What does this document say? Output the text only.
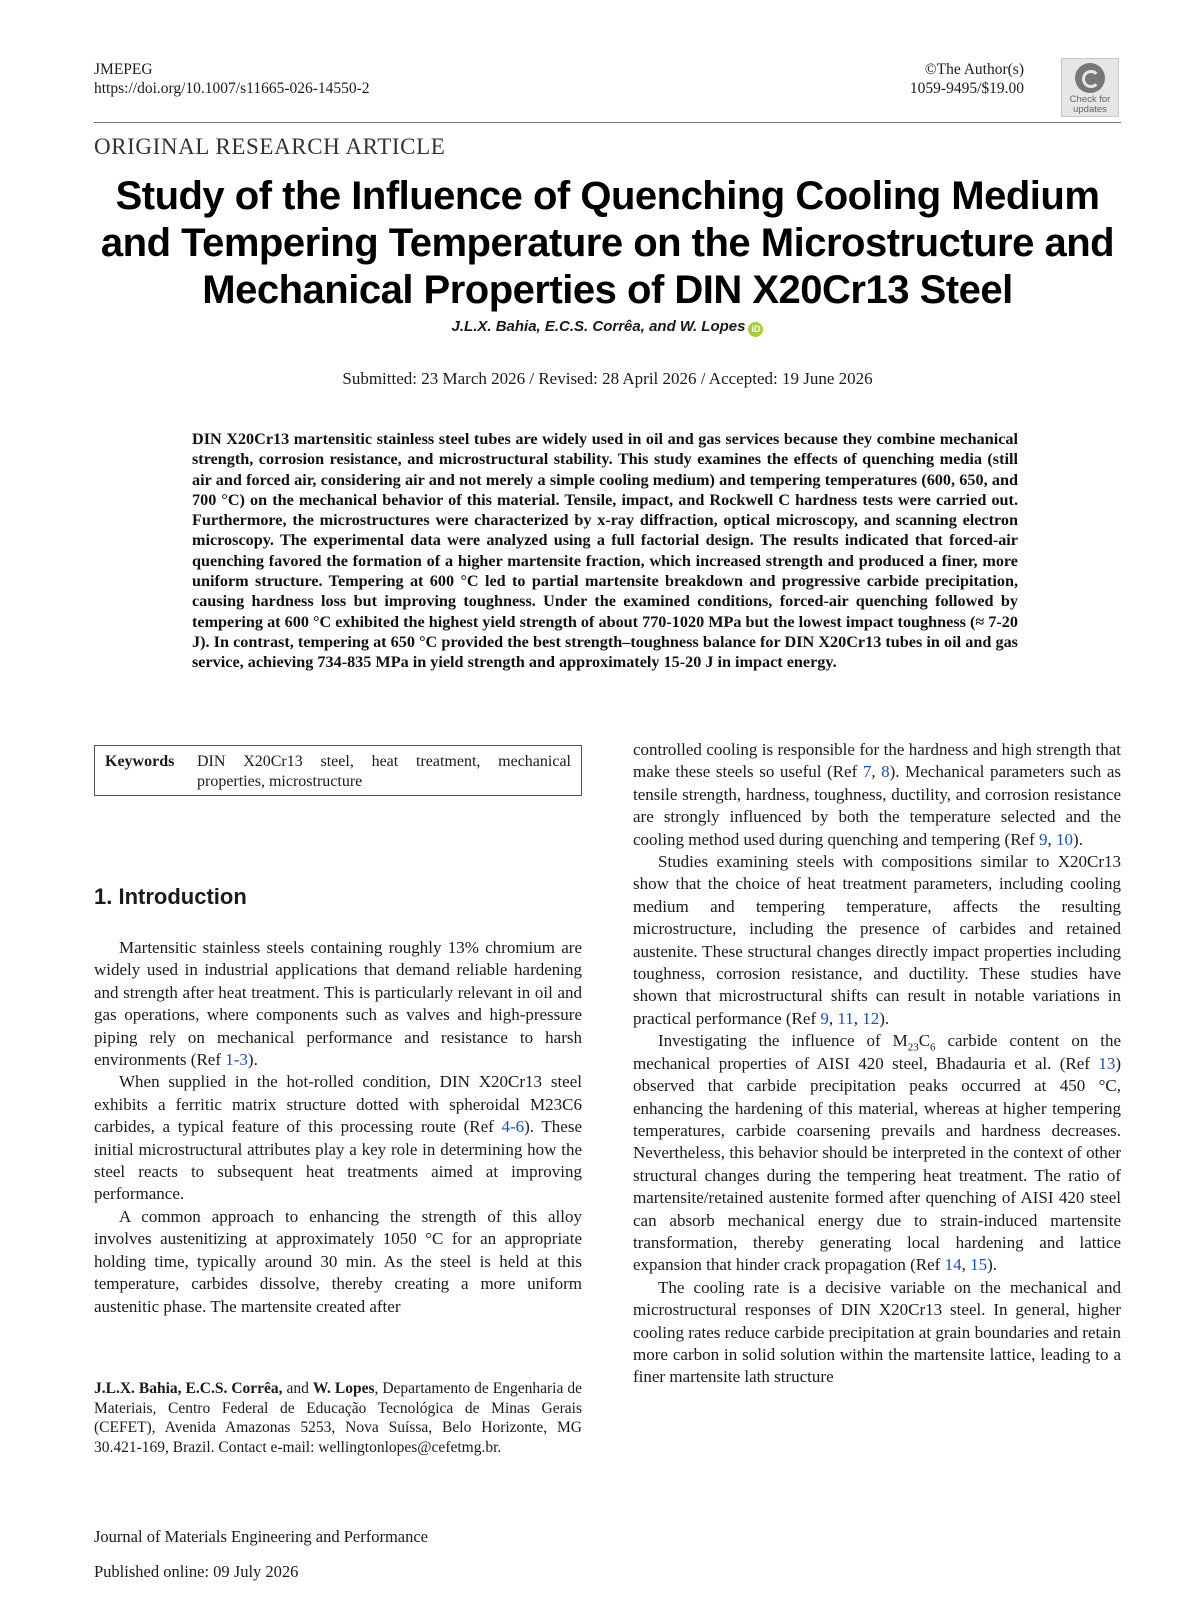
JMEPEG
https://doi.org/10.1007/s11665-026-14550-2
©The Author(s)
1059-9495/$19.00
Check for
updates
ORIGINAL RESEARCH ARTICLE
Study of the Influence of Quenching Cooling Medium and Tempering Temperature on the Microstructure and Mechanical Properties of DIN X20Cr13 Steel
J.L.X. Bahia, E.C.S. Corrêa, and W. Lopes iD
Submitted: 23 March 2026 / Revised: 28 April 2026 / Accepted: 19 June 2026

DIN X20Cr13 martensitic stainless steel tubes are widely used in oil and gas services because they combine mechanical strength, corrosion resistance, and microstructural stability. This study examines the effects of quenching media (still air and forced air, considering air and not merely a simple cooling medium) and tempering temperatures (600, 650, and 700 °C) on the mechanical behavior of this material. Tensile, impact, and Rockwell C hardness tests were carried out. Furthermore, the microstructures were characterized by x-ray diffraction, optical microscopy, and scanning electron microscopy. The experimental data were analyzed using a full factorial design. The results indicated that forced-air quenching favored the formation of a higher martensite fraction, which increased strength and produced a finer, more uniform structure. Tempering at 600 °C led to partial martensite breakdown and progressive carbide precipitation, causing hardness loss but improving toughness. Under the examined conditions, forced-air quenching followed by tempering at 600 °C exhibited the highest yield strength of about 770-1020 MPa but the lowest impact toughness (≈ 7-20 J). In contrast, tempering at 650 °C provided the best strength–toughness balance for DIN X20Cr13 tubes in oil and gas service, achieving 734-835 MPa in yield strength and approximately 15-20 J in impact energy.

Keywords	DIN X20Cr13 steel, heat treatment, mechanical properties, microstructure
1. Introduction

Martensitic stainless steels containing roughly 13% chromium are widely used in industrial applications that demand reliable hardening and strength after heat treatment. This is particularly relevant in oil and gas operations, where components such as valves and high-pressure piping rely on mechanical performance and resistance to harsh environments (Ref 1-3).

When supplied in the hot-rolled condition, DIN X20Cr13 steel exhibits a ferritic matrix structure dotted with spheroidal M23C6 carbides, a typical feature of this processing route (Ref 4-6). These initial microstructural attributes play a key role in determining how the steel reacts to subsequent heat treatments aimed at improving performance.

A common approach to enhancing the strength of this alloy involves austenitizing at approximately 1050 °C for an appropriate holding time, typically around 30 min. As the steel is held at this temperature, carbides dissolve, thereby creating a more uniform austenitic phase. The martensite created after

controlled cooling is responsible for the hardness and high strength that make these steels so useful (Ref 7, 8). Mechanical parameters such as tensile strength, hardness, toughness, ductility, and corrosion resistance are strongly influenced by both the temperature selected and the cooling method used during quenching and tempering (Ref 9, 10).

Studies examining steels with compositions similar to X20Cr13 show that the choice of heat treatment parameters, including cooling medium and tempering temperature, affects the resulting microstructure, including the presence of carbides and retained austenite. These structural changes directly impact properties including toughness, corrosion resistance, and ductility. These studies have shown that microstructural shifts can result in notable variations in practical performance (Ref 9, 11, 12).

Investigating the influence of $M_{23}C_6$ carbide content on the mechanical properties of AISI 420 steel, Bhadauria et al. (Ref 13) observed that carbide precipitation peaks occurred at 450 °C, enhancing the hardening of this material, whereas at higher tempering temperatures, carbide coarsening prevails and hardness decreases. Nevertheless, this behavior should be interpreted in the context of other structural changes during the tempering heat treatment. The ratio of martensite/retained austenite formed after quenching of AISI 420 steel can absorb mechanical energy due to strain-induced martensite transformation, thereby generating local hardening and lattice expansion that hinder crack propagation (Ref 14, 15).

The cooling rate is a decisive variable on the mechanical and microstructural responses of DIN X20Cr13 steel. In general, higher cooling rates reduce carbide precipitation at grain boundaries and retain more carbon in solid solution within the martensite lattice, leading to a finer martensite lath structure

J.L.X. Bahia, E.C.S. Corrêa, and W. Lopes, Departamento de Engenharia de Materiais, Centro Federal de Educação Tecnológica de Minas Gerais (CEFET), Avenida Amazonas 5253, Nova Suíssa, Belo Horizonte, MG 30.421-169, Brazil. Contact e-mail: wellingtonlopes@cefetmg.br.
Journal of Materials Engineering and Performance
Published online: 09 July 2026
